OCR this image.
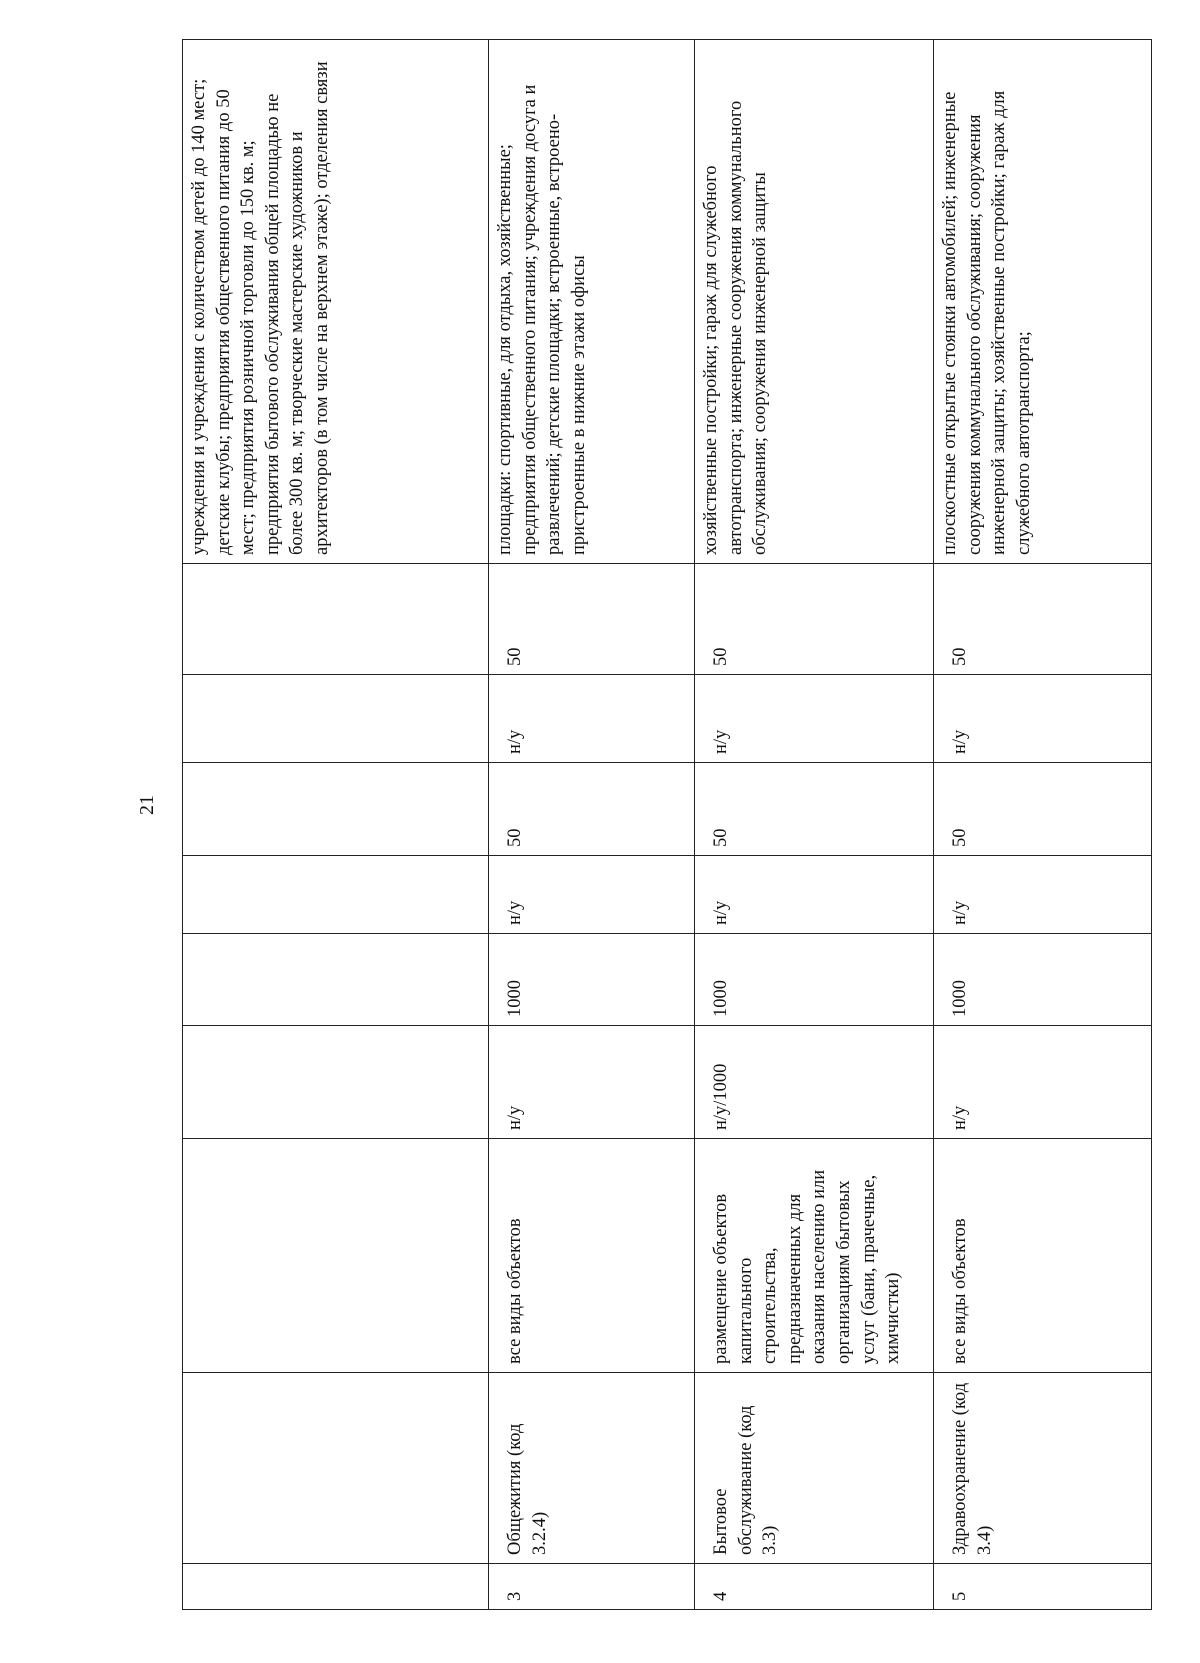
21
									учреждения и учреждения с количеством детей до 140 мест; детские клубы; предприятия общественного питания до 50 мест; предприятия розничной торговли до 150 кв. м; предприятия бытового обслуживания общей площадью не более 300 кв. м; творческие мастерские художников и архитекторов (в том числе на верхнем этаже); отделения связи
3	Общежития (код 3.2.4)	все виды объектов	н/у	1000	н/у	50	н/у	50	площадки: спортивные, для отдыха, хозяйственные; предприятия общественного питания; учреждения досуга и развлечений; детские площадки; встроенные, встроено-пристроенные в нижние этажи офисы
4	Бытовое обслуживание (код 3.3)	размещение объектов капитального строительства, предназначенных для оказания населению или организациям бытовых услуг (бани, прачечные, химчистки)	н/у/1000	1000	н/у	50	н/у	50	хозяйственные постройки; гараж для служебного автотранспорта; инженерные сооружения коммунального обслуживания; сооружения инженерной защиты
5	Здравоохранение (код 3.4)	все виды объектов	н/у	1000	н/у	50	н/у	50	плоскостные открытые стоянки автомобилей; инженерные сооружения коммунального обслуживания; сооружения инженерной защиты; хозяйственные постройки; гараж для служебного автотранспорта;
